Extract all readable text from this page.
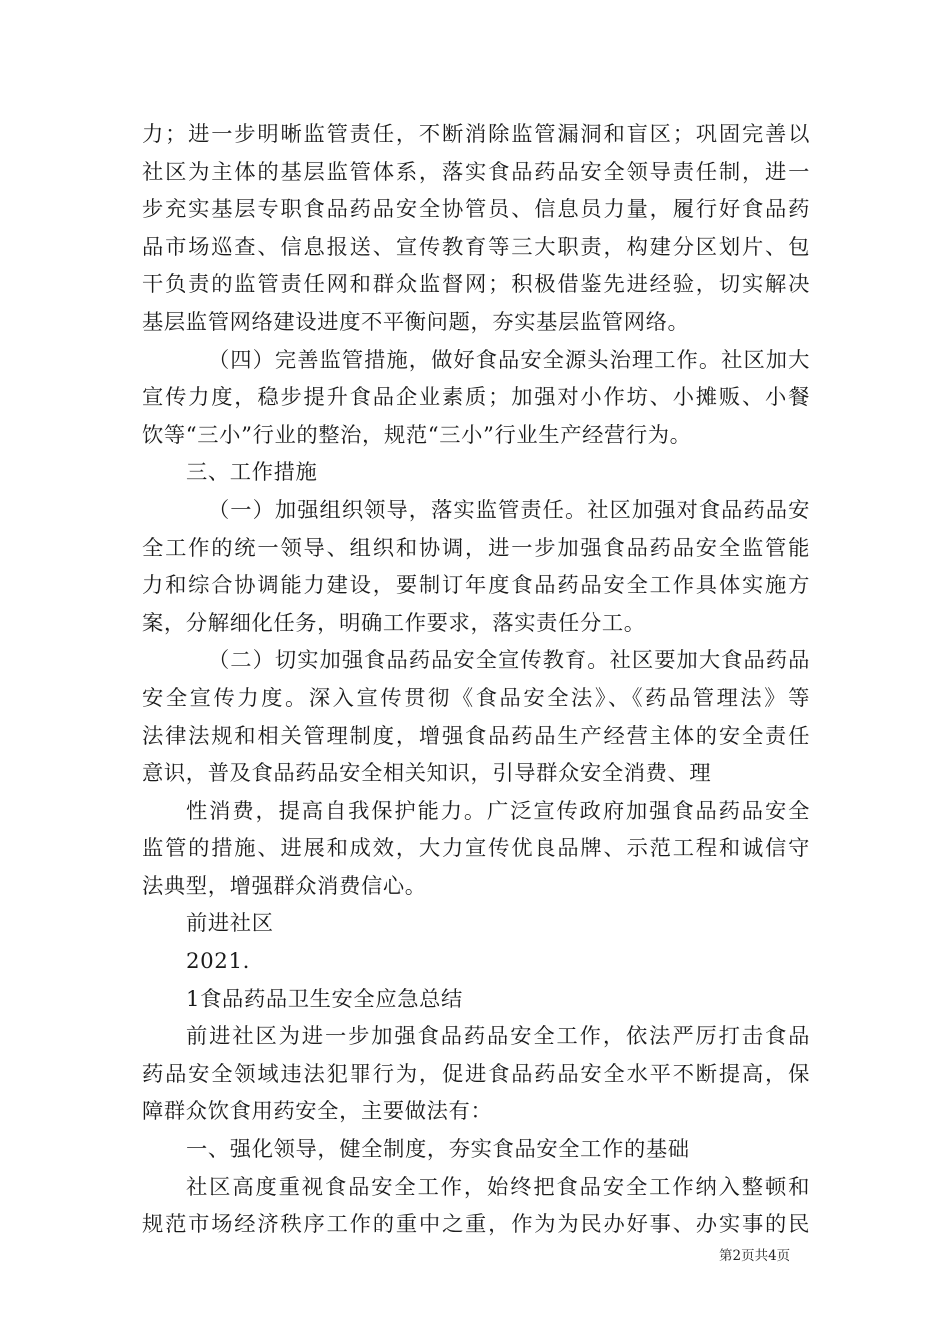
力；进一步明晰监管责任，不断消除监管漏洞和盲区；巩固完善以
社区为主体的基层监管体系，落实食品药品安全领导责任制，进一
步充实基层专职食品药品安全协管员、信息员力量，履行好食品药
品市场巡查、信息报送、宣传教育等三大职责，构建分区划片、包
干负责的监管责任网和群众监督网；积极借鉴先进经验，切实解决
基层监管网络建设进度不平衡问题，夯实基层监管网络。
（四）完善监管措施，做好食品安全源头治理工作。社区加大
宣传力度，稳步提升食品企业素质；加强对小作坊、小摊贩、小餐
饮等“三小”行业的整治，规范“三小”行业生产经营行为。
三、工作措施
（一）加强组织领导，落实监管责任。社区加强对食品药品安
全工作的统一领导、组织和协调，进一步加强食品药品安全监管能
力和综合协调能力建设，要制订年度食品药品安全工作具体实施方
案，分解细化任务，明确工作要求，落实责任分工。
（二）切实加强食品药品安全宣传教育。社区要加大食品药品
安全宣传力度。深入宣传贯彻《食品安全法》、《药品管理法》等
法律法规和相关管理制度，增强食品药品生产经营主体的安全责任
意识，普及食品药品安全相关知识，引导群众安全消费、理
性消费，提高自我保护能力。广泛宣传政府加强食品药品安全
监管的措施、进展和成效，大力宣传优良品牌、示范工程和诚信守
法典型，增强群众消费信心。
前进社区
2021.
1食品药品卫生安全应急总结
前进社区为进一步加强食品药品安全工作，依法严厉打击食品
药品安全领域违法犯罪行为，促进食品药品安全水平不断提高，保
障群众饮食用药安全，主要做法有：
一、强化领导，健全制度，夯实食品安全工作的基础
社区高度重视食品安全工作，始终把食品安全工作纳入整顿和
规范市场经济秩序工作的重中之重，作为为民办好事、办实事的民
第2页共4页
